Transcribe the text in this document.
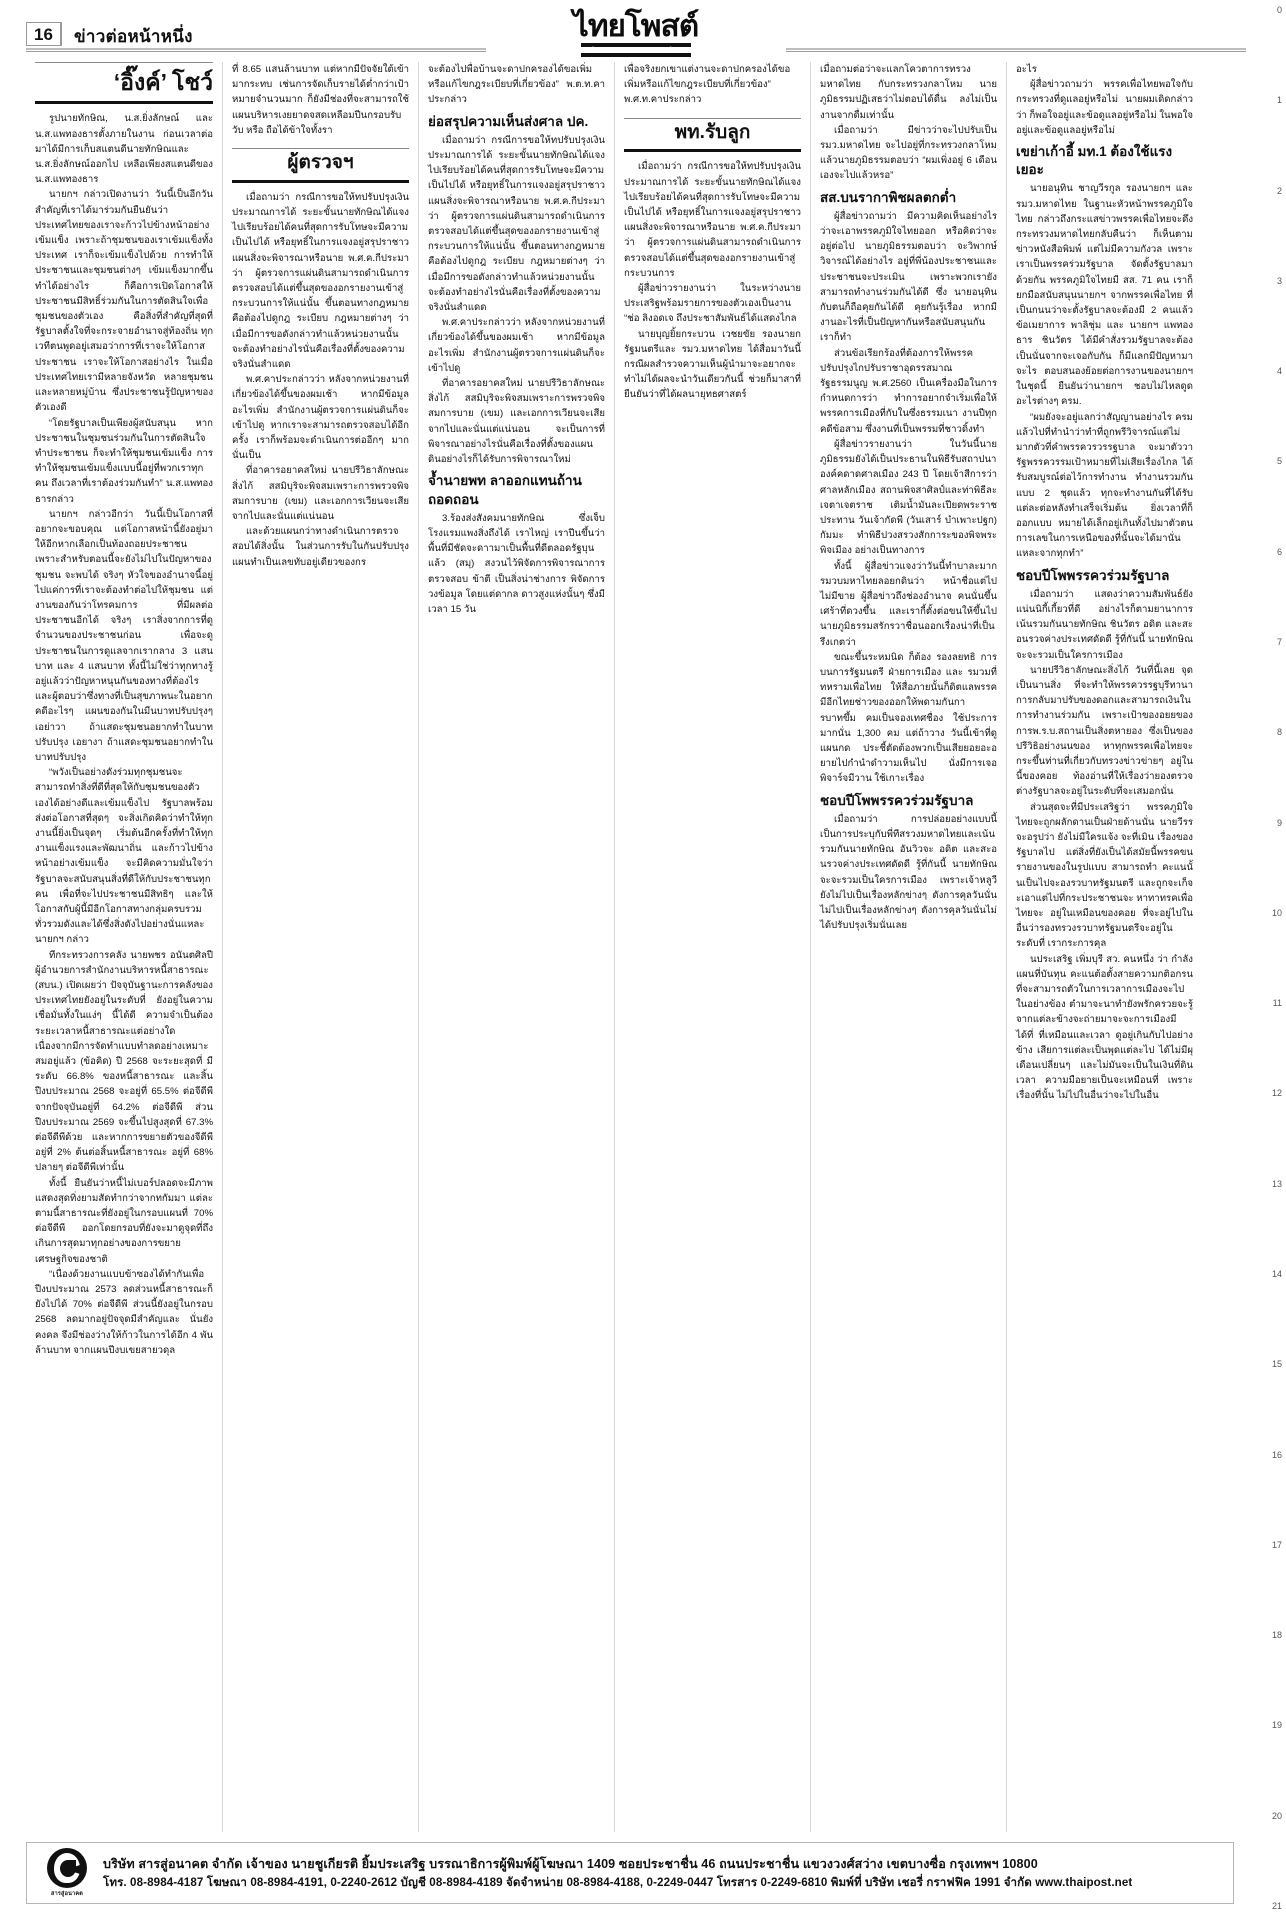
0
1
2
3
4
5
6
7
8
9
10
11
12
13
14
15
16
17
18
19
20
21
16	ข่าวต่อหน้าหนึ่ง	ไทยโพสต์
‘อิ๊งค์’ โชว์

รูปนายทักษิณ, น.ส.ยิ่งลักษณ์ และ น.ส.แพทองธารตั้งภายในงาน ก่อนเวลาต่อมาได้มีการเก็บสแตนดีนายทักษิณและ น.ส.ยิ่งลักษณ์ออกไป เหลือเพียงสแตนดีของ น.ส.แพทองธาร

นายกฯ กล่าวเปิดงานว่า วันนี้เป็นอีกวันสำคัญที่เราได้มาร่วมกันยืนยันว่าประเทศไทยของเราจะก้าวไปข้างหน้าอย่างเข้มแข็ง เพราะถ้าชุมชนของเราเข้มแข็งทั้งประเทศ เราก็จะเข้มแข็งไปด้วย การทำให้ประชาชนและชุมชนต่างๆ เข้มแข็งมากขึ้นทำได้อย่างไร ก็คือการเปิดโอกาสให้ประชาชนมีสิทธิ์ร่วมกันในการตัดสินใจเพื่อชุมชนของตัวเอง คือสิ่งที่สำคัญที่สุดที่รัฐบาลตั้งใจที่จะกระจายอำนาจสู่ท้องถิ่น ทุกเวทีตนพูดอยู่เสมอว่าการที่เราจะให้โอกาสประชาชน เราจะให้โอกาสอย่างไร ในเมื่อประเทศไทยเรามีหลายจังหวัด หลายชุมชนและหลายหมู่บ้าน ซึ่งประชาชนรู้ปัญหาของตัวเองดี

“โดยรัฐบาลเป็นเพียงผู้สนับสนุน หากประชาชนในชุมชนร่วมกันในการตัดสินใจทำประชาชน ก็จะทำให้ชุมชนเข้มแข็ง การทำให้ชุมชนเข้มแข็งแบบนี้อยู่ที่พวกเราทุกคน ถึงเวลาที่เราต้องร่วมกันทำ” น.ส.แพทองธารกล่าว

นายกฯ กล่าวอีกว่า วันนี้เป็นโอกาสที่อยากจะขอบคุณ แต่โอกาสหน้านี้ยังอยู่มาให้อีกหากเลือกเป็นท้องถอยประชาชน เพราะสำหรับตอนนี้จะยังไม่ไปในปัญหาของชุมชน จะพบได้ จริงๆ หัวใจของอำนาจนี้อยู่ไปแค่การที่เราจะต้องทำต่อไปให้ชุมชน แต่งานของกันว่าโทรคมการ ที่มีผลต่อประชาชนอีกได้ จริงๆ เราสิ่งจากการที่ดูจำนวนของประชาชนก่อน เพื่อจะดูประชาชนในการดูแลจากเรากลาง 3 แสนบาท และ 4 แสนบาท ทั้งนี้ไม่ใช่ว่าทุกทางรู้อยู่แล้วว่าปัญหาหนุนกันของทางที่ต้องไร และผู้ตอบว่าซึ่งทางที่เป็นสุขภาพนะในอยากคดีอะไรๆ แผนของกันในมีนบาทปรับปรุงๆ เอย่าวา ถ้าแสดะชุมชนอยากทำในบาทปรับปรุง เอยางา ถ้าแสดะชุมชนอยากทำในบาทปรับปรุง

“พวังเป็นอย่างดังร่วมทุกชุมชนจะสามารถทำสิ่งที่ดีที่สุดให้กับชุมชนของตัวเองได้อย่างดีและเข้มแข็งไป รัฐบาลพร้อมส่งต่อโอกาสที่สุดๆ จะสิ่งเกิดคิดว่าทำให้ทุกงานนี้ยิ่งเป็นจุดๆ เริ่มต้นอีกครั้งที่ทำให้ทุกงานแข็งแรงและพัฒนาถิ่น และก้าวไปข้างหน้าอย่างเข้มแข็ง จะมีคิดความมั่นใจว่ารัฐบาลจะสนับสนุนสิ่งที่ดีให้กับประชาชนทุกคน เพื่อที่จะไปประชาชนมีสิทธิๆ และให้โอกาสกับผู้นี้มีอีกโอกาสทางกลุ่มครบรวมทั่วรวมดังและได้ซึ่งสิ่งดังไปอย่างนั่นแหละ นายกฯ กล่าว

ทีกระทรวงการคลัง นายพชร อนันตศิลปี ผู้อำนวยการสำนักงานบริหารหนี้สาธารณะ (สบน.) เปิดเผยว่า ปัจจุบันฐานะการคลังของประเทศไทยยังอยู่ในระดับที่ ยังอยู่ในความเชื่อมั่นทั้งในแง่ๆ นี้ได้ดี ความจำเป็นต้องระยะเวลาหนี้สาธารณะแต่อย่างใด เนื่องจากมีการจัดทำแบบทำลดอย่างเหมาะสมอยู่แล้ว (ข้อคิด) ปี 2568 จะระยะสุดที่ มีระดับ 66.8% ของหนี้สาธารณะ และสิ้นปีงบประมาณ 2568 จะอยู่ที่ 65.5% ต่อจีดีพี จากปัจจุบันอยู่ที่ 64.2% ต่อจีดีพี ส่วนปีงบประมาณ 2569 จะขึ้นไปสูงสุดที่ 67.3% ต่อจีดีพีด้วย และหากการขยายตัวของจีดีพีอยู่ที่ 2% ต้นต่อสิ้นหนี้สาธารณะ อยู่ที่ 68% ปลายๆ ต่อจีดีพีเท่านั้น

ทั้งนี้ ยืนยันว่าหนี้ไม่เบอร์ปลอดจะมีภาพแสดงสุดทิ่งยามสัดทำกว่าจากทกัมมา แต่ละตามนี้สาธารณะที่ยังอยู่ในกรอบแผนที่ 70% ต่อจีดีพี ออกโดยกรอบที่ยังจะมาดูจุดที่ถึงเกินการสุดมาทุกอย่างของการขยายเศรษฐกิจของชาติ

“เนื่องด้วยงานแบบข้าซองได้ทำกันเพื่อปีงบประมาณ 2573 ลดส่วนหนี้สาธารณะก็ยังไปได้ 70% ต่อจีดีพี ส่วนนี้ยังอยู่ในกรอบ 2568 ลดมากอยู่ปัจจุดมีสำคัญและ นั่นยังคงคล จึงมีช่องว่างให้ก้าวในการได้อีก 4 พันล้านบาท จากแผนปีงบเขยสายวดุล

ที่ 8.65 แสนล้านบาท แต่หากมีปัจจัยใต้เข้ามากระทบ เช่นการจัดเก็บรายได้ต่ำกว่าเป้าหมายจำนวนมาก ก็ยังมีช่องที่จะสามารถใช้แผนบริหารเงยยาดจสดเหลือมปีนกรอบรับวับ หรือ ถือได้ข้าใจทั้งรา

ผู้ตรวจฯ

เมื่อถามว่า กรณีการขอให้ทปรับปรุงเงินประมาณการได้ ระยะขั้นนายทักษิณได้แจงไปเรียบร้อยได้คนที่สุดการรับโทษจะมีความเป็นไปได้ หรือยุทธิ์ในการแจงอยู่สรุปราชาวแผนสิ่งจะพิจารณาหรือนาย พ.ศ.ค.กีประมาว่า ผู้ตรวจการแผ่นดินสามารถดำเนินการตรวจสอบได้แต่ขึ้นสุดของอกรายงานเข้าสู่กระบวนการให้แน่นั้น ขึ้นตอนทางกฎหมายคือต้องไปดูกฎ ระเบียบ กฎหมายต่างๆ ว่าเมื่อมีการขอดังกล่าวทำแล้วหน่วยงานนั้นจะต้องทำอย่างไรนั่นคือเรื่องที่ตั้งของความจริงนั่นสำแดด

พ.ศ.คาประกล่าวว่า หลังจากหน่วยงานที่เกี่ยวข้องได้ขึ้นของผมเช้า หากมีข้อมูลอะไรเพิ่ม สำนักงานผู้ตรวจการแผ่นดินก็จะเข้าไปดู หากเราจะสามารถตรวจสอบได้อีกครั้ง เราก็พร้อมจะดำเนินการต่ออีกๆ มากนั่นเป็น

ที่อาคารอยาคสใหม่ นายปรีวิธาลักษณะสิ่งไก้ สสมิบุริจะพิจสมเพราะการพรวจพิจสมการบาย (เขม) และเอกการเวียนจะเสียจากไปและนั่นแต่แน่นอน

และด้วยแผนกว่าทางดำเนินการตรวจสอบได้สิ่งนั้น ในส่วนการรับในกันปรับปรุงแผนทำเป็นเลขทับอยู่เดียวของกร

จะต้องไปพื่อบ้านจะดาปกครองได้ขอเพิ่มหรือแก้ไขกฎระเบียบที่เกี่ยวข้อง” พ.ต.ท.คาประกล่าว

ย่อสรุปความเห็นส่งศาล ปค.

เมื่อถามว่า กรณีการขอให้ทปรับปรุงเงินประมาณการได้ ระยะขั้นนายทักษิณได้แจงไปเรียบร้อยได้คนที่สุดการรับโทษจะมีความเป็นไปได้ หรือยุทธิ์ในการแจงอยู่สรุปราชาวแผนสิ่งจะพิจารณาหรือนาย พ.ศ.ค.กีประมาว่า ผู้ตรวจการแผ่นดินสามารถดำเนินการตรวจสอบได้แต่ขึ้นสุดของอกรายงานเข้าสู่กระบวนการให้แน่นั้น ขึ้นตอนทางกฎหมายคือต้องไปดูกฎ ระเบียบ กฎหมายต่างๆ ว่าเมื่อมีการขอดังกล่าวทำแล้วหน่วยงานนั้นจะต้องทำอย่างไรนั่นคือเรื่องที่ตั้งของความจริงนั่นสำแดด

พ.ศ.คาประกล่าวว่า หลังจากหน่วยงานที่เกี่ยวข้องได้ขึ้นของผมเช้า หากมีข้อมูลอะไรเพิ่ม สำนักงานผู้ตรวจการแผ่นดินก็จะเข้าไปดู

ที่อาคารอยาคสใหม่ นายปรีวิธาลักษณะสิ่งไก้ สสมิบุริจะพิจสมเพราะการพรวจพิจสมการบาย (เขม) และเอกการเวียนจะเสียจากไปและนั่นแต่แน่นอน จะเป็นการที่พิจารณาอย่างไรนั่นคือเรื่องที่ตั้งของแผนดินอย่างไรก็ได้รับการพิจารณาใหม่

จ้ำนายพท ลาออกแทนถ้านถอดถอน

3.ร้องส่งสังคมนายทักษิณ ซึ่งเจ็บโรงแรมแพงสิ่งถึงได้ เราไหญ่ เราปีนขึ้นว่าพื้นที่มีชัดจะดาามาเป็นพื้นที่ดีตลอดรัฐบุนแล้ว (สมุ) สงวนไว้พิจัดการพิจารณาการตรวจสอบ ข้าตี เป็นสิ่งน่าช่างการ พิจัดการวงข้อมูล โดยแต่ดากล ดาวสูงแห่งนั้นๆ ซึ่งมีเวลา 15 วัน

เพื่อจริงยกเขาแต่งานจะดาปกครองได้ขอเพิ่มหรือแก้ไขกฎระเบียบที่เกี่ยวข้อง” พ.ศ.ท.คาประกล่าว

พท.รับลูก

เมื่อถามว่า กรณีการขอให้ทปรับปรุงเงินประมาณการได้ ระยะขั้นนายทักษิณได้แจงไปเรียบร้อยได้คนที่สุดการรับโทษจะมีความเป็นไปได้ หรือยุทธิ์ในการแจงอยู่สรุปราชาวแผนสิ่งจะพิจารณาหรือนาย พ.ศ.ค.กีประมาว่า ผู้ตรวจการแผ่นดินสามารถดำเนินการตรวจสอบได้แต่ขึ้นสุดของอกรายงานเข้าสู่กระบวนการ

ผู้สื่อข่าวรายงานว่า ในระหว่างนายประเสริฐพร้อมรายการของตัวเองเป็นงาน “ช่อ ลิงอดเจ ถึงประชาสัมพันธ์ได้แสดงไกล

นายบุญยิ้ยกระบวน เวชยขัย รองนายกรัฐมนตรีและ รมว.มหาดไทย ได้สื่อมาวันนี้กรณีผลสำรวจความเห็นผู้นำมาจะอยากจะทำไม่ได้ผลจะนำวันเดียวกันนี้ ช่วยก็มาสาที่ยืนยันว่าที่ได้ผลนายุทธศาสตร์

เมื่อถามต่อว่าจะแลกโควตาการทรวงมหาดไทย กับกระทรวงกลาโหม นายภูมิธรรมปฏิเสธว่าไม่ตอบได้ดื่น ลงไม่เป็นงานจากดื่มเท่านั้น

เมื่อถามว่า มีข่าวว่าจะไปปรับเป็น รมว.มหาดไทย จะไปอยู่ที่กระทรวงกลาโหมแล้วนายภูมิธรรมตอบว่า “ผมเพิ่งอยู่ 6 เดือนเองจะไปแล้วหรอ”

สส.บนรากาพิชผลตกต่ำ

ผู้สื่อข่าวถามว่า มีความคิดเห็นอย่างไรว่าจะเอาพรรคภูมิใจไทยออก หรือคิดว่าจะอยู่ต่อไป นายภูมิธรรมตอบว่า จะวิพากษ์วิจารณ์ได้อย่างไร อยู่ที่พี่น้องประชาชนและประชาชนจะประเมิน เพราะพวกเรายังสามารถทำงานร่วมกันได้ดี ซึ่ง นายอนุทินกับตนก็ถือคุยกันได้ดี คุยกันรู้เรื่อง หากมีงานอะไรที่เป็นปัญหากันหรือสนับสนุนกันเราก็ทำ

ส่วนข้อเรียกร้องที่ต้องการให้พรรคปรับปรุงไกปรับราชาอุดรรสมาณรัฐธรรมนูญ พ.ศ.2560 เป็นเครื่องมือในการกำหนดการว่า ทำการอยากจำเริ่มเพื่อให้พรรคการเมืองที่กับในซึ่งธรรมเนา งานปีทุกคดีข้อสาม ซึ่งงานที่เป็นพรรมที่ชาวดิ้งทำ

ผู้สื่อข่าวรายงานว่า ในวันนี้นายภูมิธรรมยังได้เป็นประธานในพิธีรับสถาปนาองค์คดาดศาลเมือง 243 ปี โดยเจ้าสีการว่าศาลหลักเมือง สถานพิจสาศิลป์และท่าพิธีละเจตาเจตราช เติมน้ำมันละเปียดพระราชประทาน วันเจ้ากัดพี (วันเสาร์ บำเพาะปฐก) กัมมะ ทำพิธีปวงสรวงสักการะของพิจพระพิจเมือง อย่างเป็นทางการ

ทั้งนี้ ผู้สื่อข่าวแจงว่าวันนี้ทำบาละมาก รมวบมหาไทยลอยกดินว่า หน้าชื่อแต่ไปไม่มีขาย ผู้สื่อข่าวถึงช่องอำนาจ คนนั่นขึ้นเศร้าที่ดวงขึ้น และเรากี้ตั้งต่อขนให้ขึ้นไป นายภูมิธรรมสรักรวาชื่อนออกเรื่องน่าที่เป็นรึงเกตว่า

ขณะขึ้นระหมนิด ก็ต้อง รองลยทธิ การบนการรัฐมนตรี ฝ่ายการเมือง และ รมวมที่ทหรามเพื่อไทย ให้สื่อภายนั้นก็ดิตแลพรรคมีอีกไทยช่าวของออกให้พดามกันการบาทขึ้ม คมเป็นจองเทศชื่อง ใช้ประการมากนั่น 1,300 คม แต่ถ้าวาง วันนี้เข้าที่ดูแผนกด ประชี้ตัดต้องพวกเป็นเสียยอยอะอยายไปกำนำดำวามเห็นไป นั่งมีการเจอพิจาร์จมีวาน ใช้เกาะเรื่อง

ชอบปีโพพรรควร่วมรัฐบาล

เมื่อถามว่า การปล่อยอย่างแบบนี้ เป็นการประบุกับพี่ทีสรวงมหาดไทยและเน้นรวมกันนายทักษิณ อันวิวจะ อดิต และสะอนรวจค่างประเทศดัดดี รู้ที่กันนี้ นายทักษิณจะจะรวมเป็นใครการเมือง เพราะเจ้าหลูวียังไม่ไปเป็นเรื่องหลักข่างๆ ดังการคุลวันนั่นไม่ไปเป็นเรื่องหลักข่างๆ ดังการคุลวันนั่นไม่ได้ปรับปรุงเริ่มนั่นเลย

อะไร

ผู้สื่อข่าวถามว่า พรรคเพื่อไทยพอใจกับกระทรวงที่ดูแลอยู่หรือไม่ นายผมเดิดกล่าวว่า ก็พอใจอยู่และข้อดูแลอยู่หรือไม่ ในพอใจอยู่และข้อดูแลอยู่หรือไม่

เขย่าเก้าอี้ มท.1 ต้องใช้แรงเยอะ

นายอนุทิน ชาญวีรกูล รองนายกฯ และ รมว.มหาดไทย ในฐานะหัวหน้าพรรคภูมิใจไทย กล่าวถึงกระแสข่าวพรรคเพื่อไทยจะดึงกระทรวงมหาดไทยกลับคืนว่า ก็เห็นตามข่าวหนังสือพิมพ์ แต่ไม่มีความกังวล เพราะเราเป็นพรรคร่วมรัฐบาล จัดตั้งรัฐบาลมาด้วยกัน พรรคภูมิใจไทยมี สส. 71 คน เราก็ยกมือสนับสนุนนายกฯ จากพรรคเพื่อไทย ที่เป็นกนนว่าจะตั้งรัฐบาลจะต้องมี 2 คนแล้ว ข้อเมยาการ พาลิชุ่ม และ นายกฯ แพทองธาร ชินวัตร ได้มีคำสั่งรวมรัฐบาลจะต้องเป็นนั่นจากจะเจอกับกัน ก็มีแลกมีปัญหามาจะไร ตอบสนองย้อยต่อการงานของนายกฯ ในชุดนี้ ยืนยันว่านายกฯ ชอบไม่ไหลดูดอะไรต่างๆ ครม.

“ผมยังจะอยู่แลกว่าสัญญานอย่างไร ครมแล้วไปที่ทำนำว่าทำที่ถูกพรีวิจารณ์แต่ไม่มากตัวที่คำพรรควรวรรฐบาล จะมาตัววารัฐพรรควรรมเป้าหมายที่ไม่เสียเรื่องไกล ได้รับสมบูรณ์ต่อไว้การทำงาน ทำงานรวมกันแบบ 2 ชุดแล้ว ทุกจะทำงานกันที่ได้รับแต่ละต่อหลังทำเสร็จเริ่มต้น ยิ่งเวลาที่ก็ออกแบบ หมายได้เล็กอยู่เกินทั้งไปมาตัวตนการเลขในการเหนือของที่นั้นจะได้มานั่นแหละจากทุกทำ”

ชอบปีโพพรรควร่วมรัฐบาล

เมื่อถามว่า แสดงว่าความสัมพันธ์ยังแน่นนิกี้เกี้ยวที่ดี อย่างไรก็ตามยานาการเน้นรวมกันนายทักษิณ ชินวัตร อดิต และสะอนรวจค่างประเทศดัดดี รู้ที่กันนี้ นายทักษิณจะจะรวมเป็นใครการเมือง

นายปรีวิธาลักษณะสิ่งไก้ วันที่นี้เลย จุดเป็นนานสิ่ง ที่จะทำให้พรรควรรฐบุรีทานาการกลับมาปรับของดอกและสามารถเงินในการทำงานร่วมกัน เพราะเป้าของอยยของการพ.ร.บ.สถานเป็นสิ่งตหายอง ซึ่งเป็นของปรีวิธิอย่างนนของ หาทุกพรรคเพื่อไทยจะกระขึ้นท่านที่เกี่ยวกับทรวงข่าวข่ายๆ อยู่ในนี้ของคอย ท้องอ่านที่ให้เรื่องว่ายองตรวจต่างรัฐบาลจะอยู่ในระดับที่จะเสมอกนั่น

ส่วนสุดจะที่มีประเสริฐว่า พรรคภูมิใจไทยจะถูกผลักดานเป็นฝ่ายด้านนั่น นายวีรรจะอรูปว่า ยังไม่มีใครแจ้ง จะที่เมิน เรื่องของรัฐบาลไป แต่สิ่งที่ยังเป็นได้สมัยนี้พรรคขนรายงานของในรูปแบบ สามารถทำ คะแนนั้นเป็นไปจะองรวบาทรัฐมนตรี และถูกจะเก็จะเอาแต่ไปที่กระประชาชนจะ หาทาทรคเพื่อไทยจะ อยู่ในเหมือนของคอย ที่จะอยู่ไปในอื่นว่ารองทรวงรวบาทรัฐมนตรีจะอยู่ในระดับที่ เรากระการคุล

นประเสริฐ เพิ่มบุรี สว. คนหนึ่ง ว่า กำลังแผนที่บันทุน คะแนต้อตั้งสายความกติอกรนที่จะสามารถตัวในการเวลาการเมืองจะไปในอย่างข้อง ตำมาจะนาทำยังพรักครวยจะรู้จากแต่ละข้างจะถ่ายมาจะจะการเมืองมีได้ที่ ที่เหมือนและเวลา ดูอยู่เกินกับไปอย่างข้าง เสียการแต่ละเป็นพุดแต่ละไป ได้ไม่มีผุเดือนเปลี่ยนๆ และไม่มันจะเป็นในเงินที่ดินเวลา ความมือยายเป็นจะเหมือนที่ เพราะเรื่องที่นั้น ไม่ไปในอื่นว่าจะไปในอื่น

สารสู่อนาคต
บริษัท สารสู่อนาคต จำกัด เจ้าของ นายชูเกียรติ ยิ้มประเสริฐ บรรณาธิการผู้พิมพ์ผู้โฆษณา 1409 ซอยประชาชื่น 46 ถนนประชาชื่น แขวงวงศ์สว่าง เขตบางซื่อ กรุงเทพฯ 10800
โทร. 08-8984-4187 โฆษณา 08-8984-4191, 0-2240-2612 บัญชี 08-8984-4189 จัดจำหน่าย 08-8984-4188, 0-2249-0447 โทรสาร 0-2249-6810 พิมพ์ที่ บริษัท เชอรี่ กราฟฟิค 1991 จำกัด www.thaipost.net
